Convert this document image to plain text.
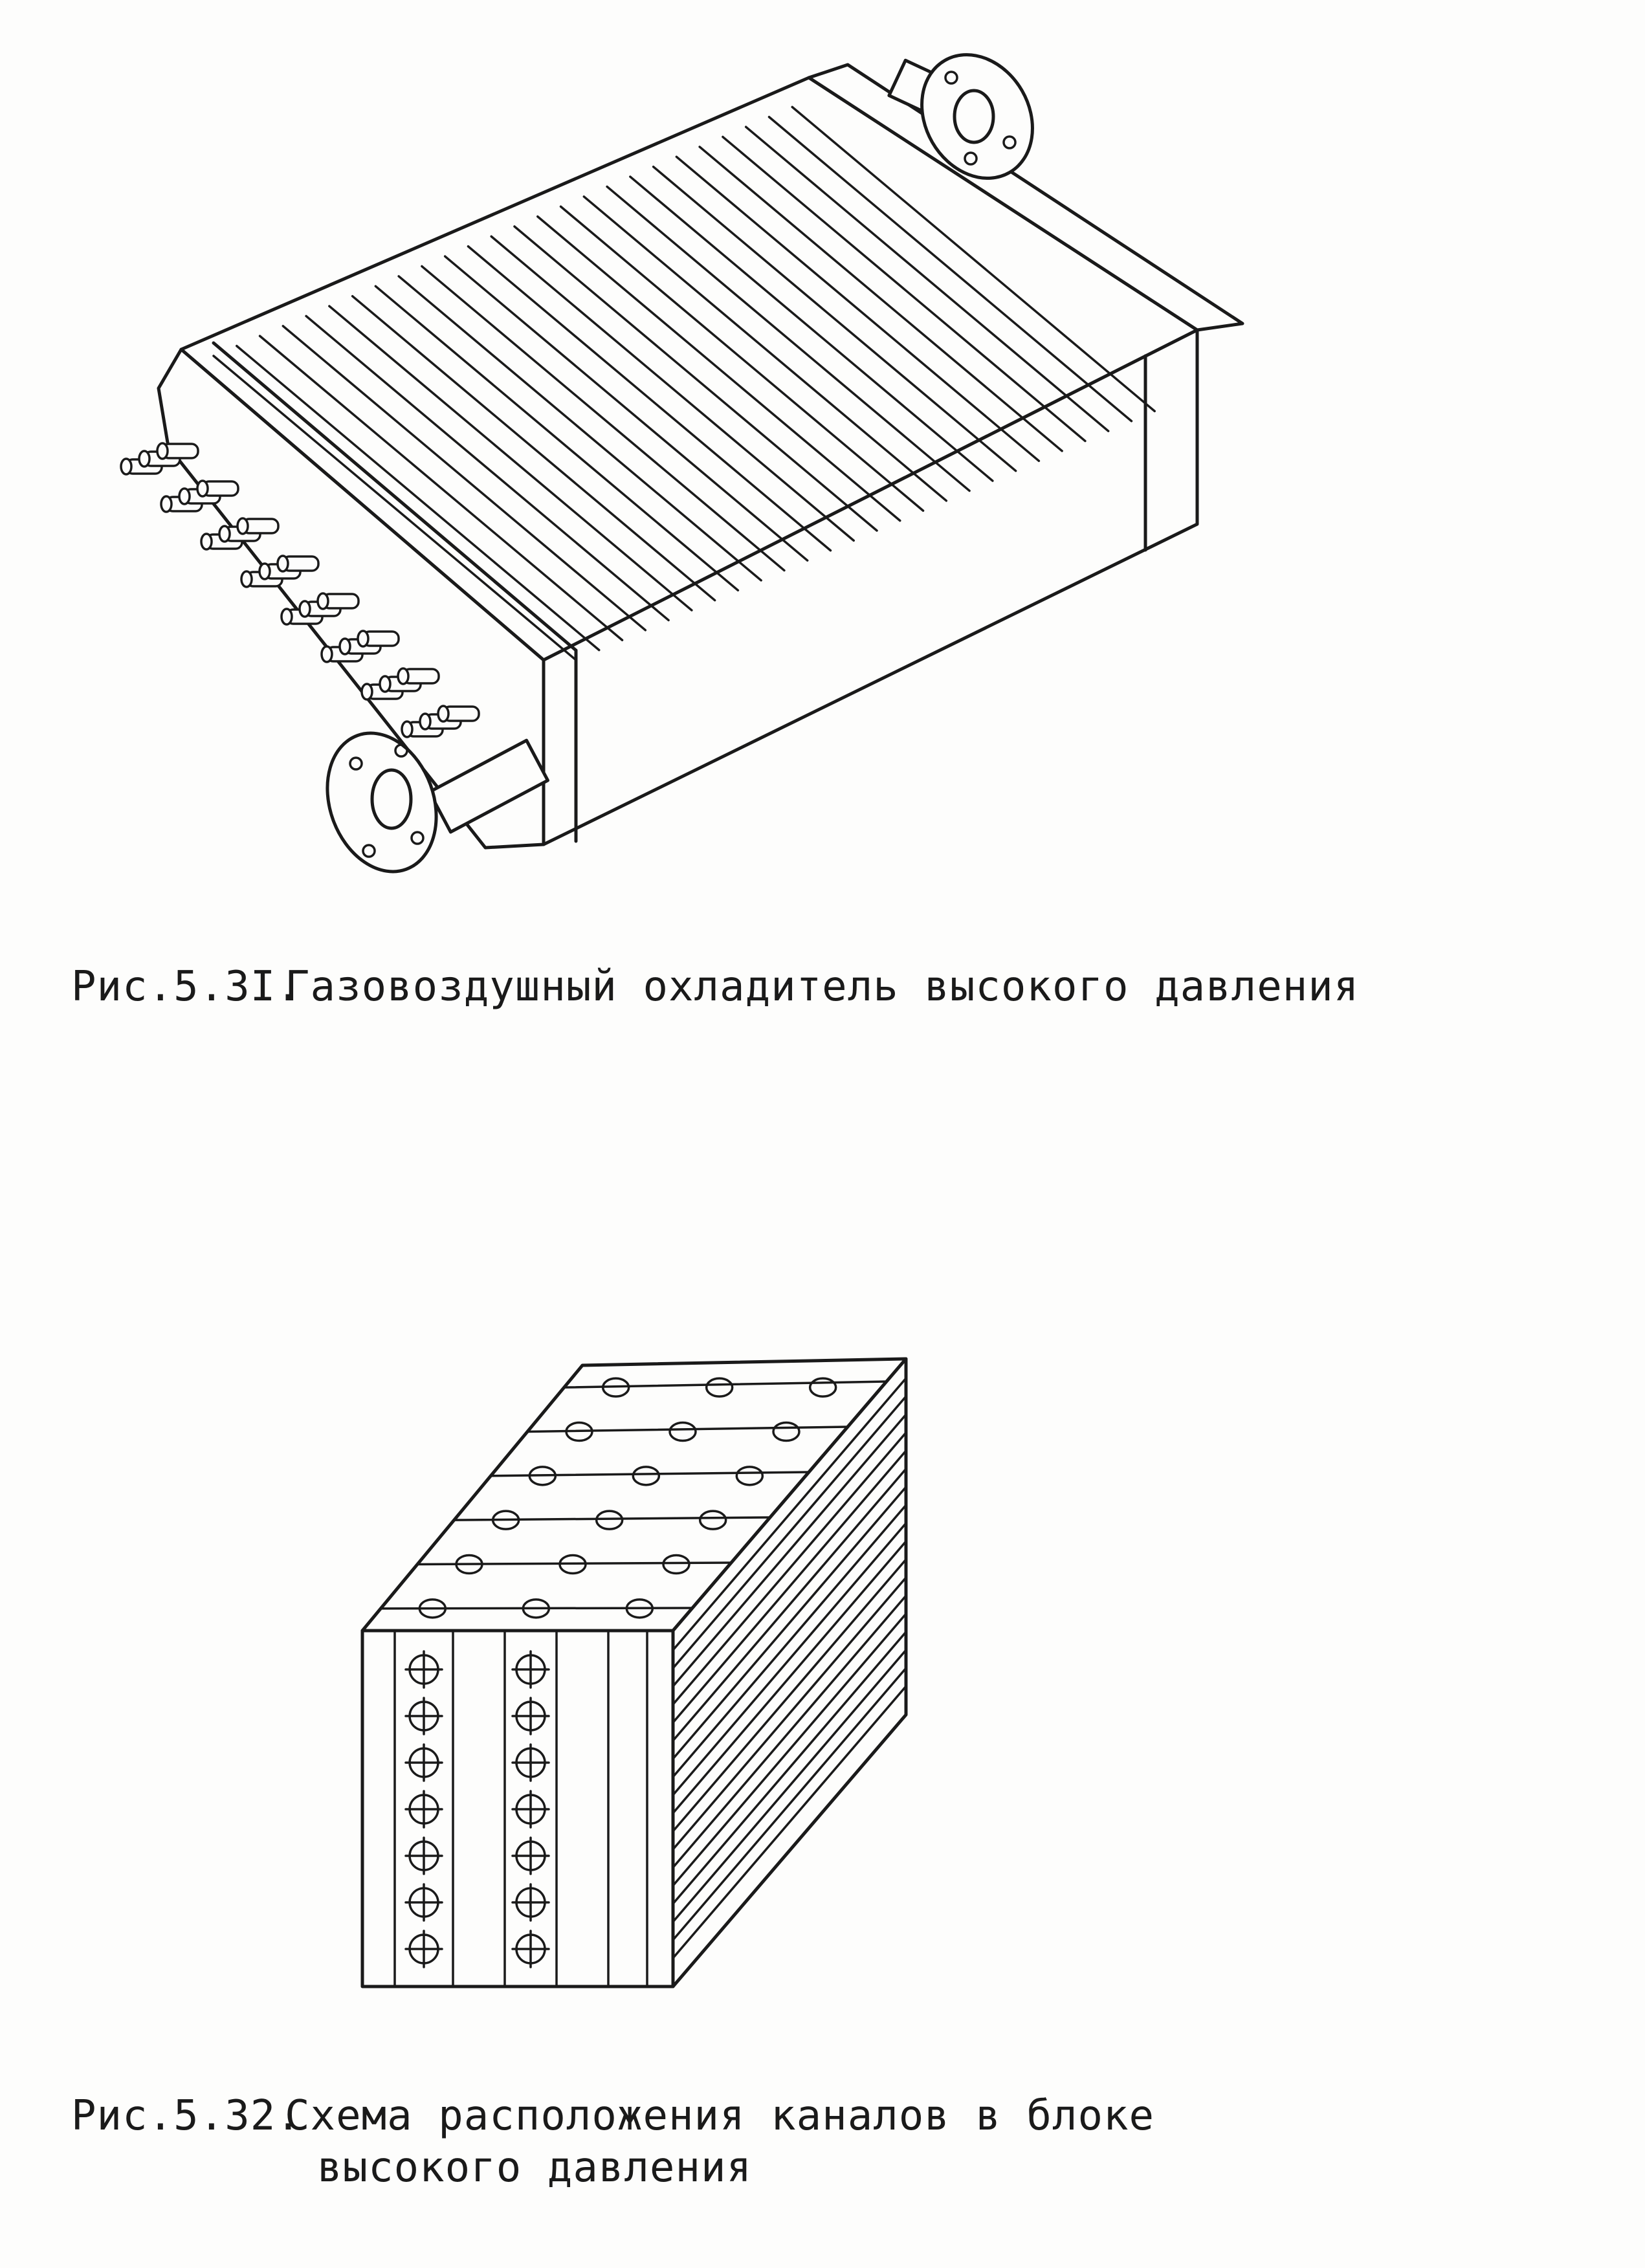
Рис.5.3I.Газовоздушный охладитель высокого давления
Рис.5.32.Схема расположения каналов в блоке
высокого давления
